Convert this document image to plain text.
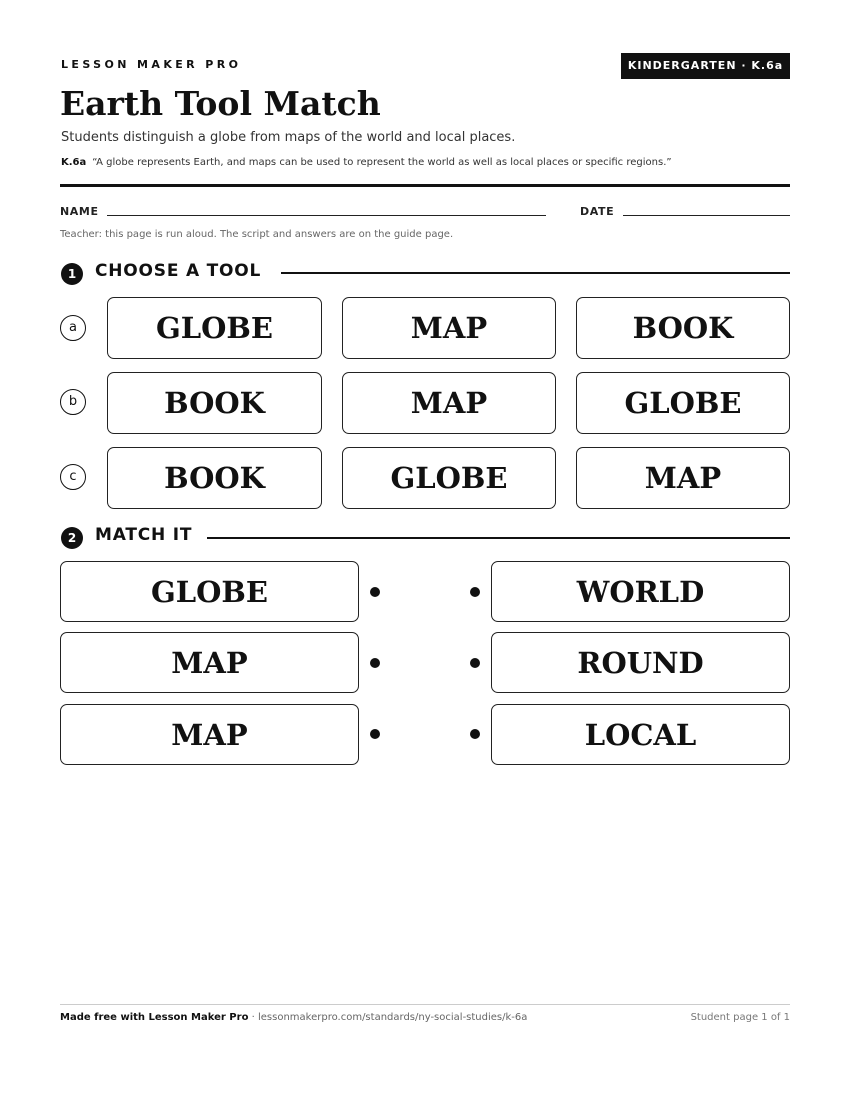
LESSON MAKER PRO	KINDERGARTEN · K.6a
Earth Tool Match
Students distinguish a globe from maps of the world and local places.
K.6a “A globe represents Earth, and maps can be used to represent the world as well as local places or specific regions.”
NAME	DATE
Teacher: this page is run aloud. The script and answers are on the guide page.
1	CHOOSE A TOOL
a	GLOBE	MAP	BOOK
b	BOOK	MAP	GLOBE
c	BOOK	GLOBE	MAP
2	MATCH IT
GLOBE	WORLD
MAP	ROUND
MAP	LOCAL
Made free with Lesson Maker Pro · lessonmakerpro.com/standards/ny-social-studies/k-6a	Student page 1 of 1
